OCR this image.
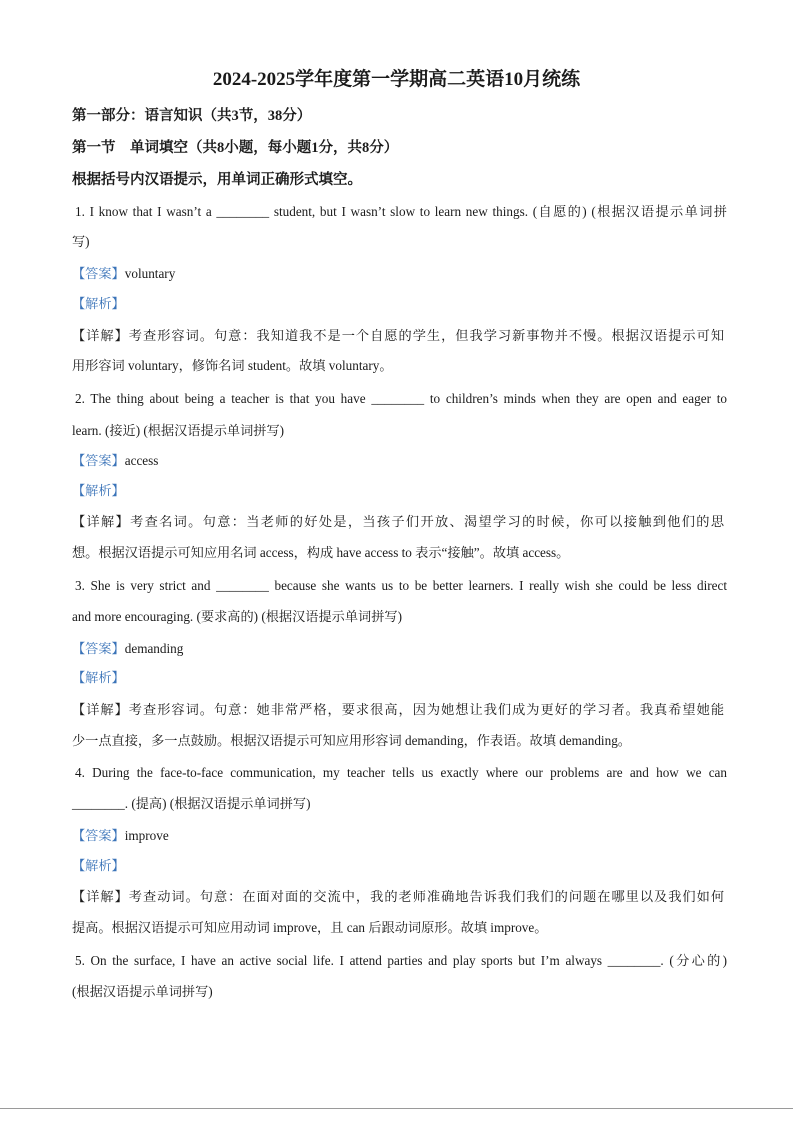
2024-2025学年度第一学期高二英语10月统练
第一部分：语言知识（共3节，38分）
第一节　单词填空（共8小题，每小题1分，共8分）
根据括号内汉语提示，用单词正确形式填空。
1. I know that I wasn’t a ________ student, but I wasn’t slow to learn new things. (自愿的) (根据汉语提示单词拼
写)
【答案】voluntary
【解析】
【详解】考查形容词。句意：我知道我不是一个自愿的学生，但我学习新事物并不慢。根据汉语提示可知
用形容词 voluntary，修饰名词 student。故填 voluntary。
2. The thing about being a teacher is that you have ________ to children’s minds when they are open and eager to
learn. (接近) (根据汉语提示单词拼写)
【答案】access
【解析】
【详解】考查名词。句意：当老师的好处是，当孩子们开放、渴望学习的时候，你可以接触到他们的思
想。根据汉语提示可知应用名词 access，构成 have access to 表示“接触”。故填 access。
3. She is very strict and ________ because she wants us to be better learners. I really wish she could be less direct
and more encouraging. (要求高的) (根据汉语提示单词拼写)
【答案】demanding
【解析】
【详解】考查形容词。句意：她非常严格，要求很高，因为她想让我们成为更好的学习者。我真希望她能
少一点直接，多一点鼓励。根据汉语提示可知应用形容词 demanding，作表语。故填 demanding。
4. During the face-to-face communication, my teacher tells us exactly where our problems are and how we can
________. (提高) (根据汉语提示单词拼写)
【答案】improve
【解析】
【详解】考查动词。句意：在面对面的交流中，我的老师准确地告诉我们我们的问题在哪里以及我们如何
提高。根据汉语提示可知应用动词 improve，且 can 后跟动词原形。故填 improve。
5. On the surface, I have an active social life. I attend parties and play sports but I’m always ________. (分心的)
(根据汉语提示单词拼写)
